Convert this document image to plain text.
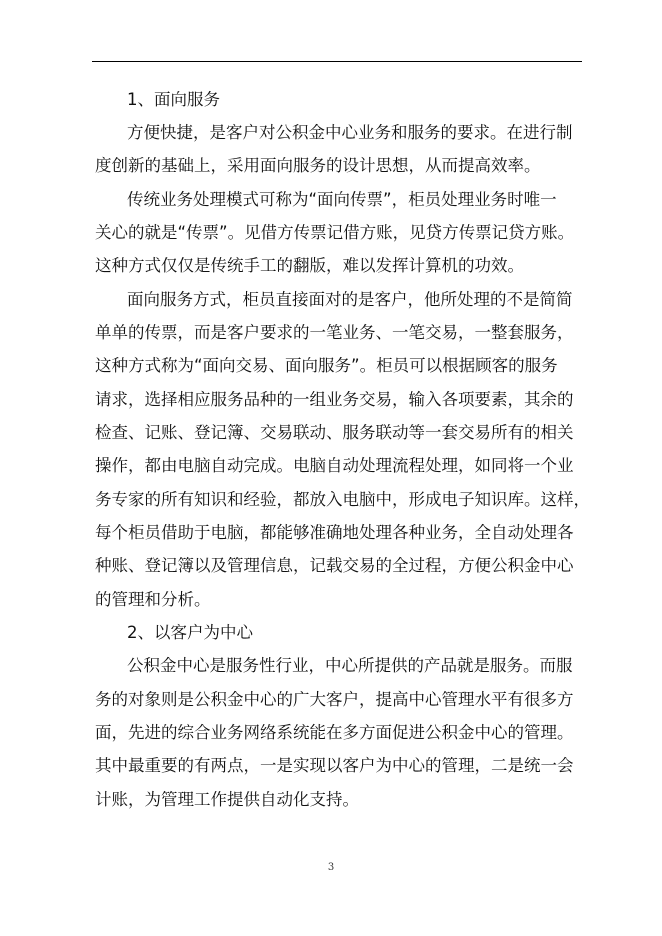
1、面向服务
方便快捷，是客户对公积金中心业务和服务的要求。在进行制
度创新的基础上，采用面向服务的设计思想，从而提高效率。
传统业务处理模式可称为“面向传票”，柜员处理业务时唯一
关心的就是“传票”。见借方传票记借方账，见贷方传票记贷方账。
这种方式仅仅是传统手工的翻版，难以发挥计算机的功效。
面向服务方式，柜员直接面对的是客户，他所处理的不是简简
单单的传票，而是客户要求的一笔业务、一笔交易，一整套服务，
这种方式称为“面向交易、面向服务”。柜员可以根据顾客的服务
请求，选择相应服务品种的一组业务交易，输入各项要素，其余的
检查、记账、登记簿、交易联动、服务联动等一套交易所有的相关
操作，都由电脑自动完成。电脑自动处理流程处理，如同将一个业
务专家的所有知识和经验，都放入电脑中，形成电子知识库。这样，
每个柜员借助于电脑，都能够准确地处理各种业务，全自动处理各
种账、登记簿以及管理信息，记载交易的全过程，方便公积金中心
的管理和分析。
2、以客户为中心
公积金中心是服务性行业，中心所提供的产品就是服务。而服
务的对象则是公积金中心的广大客户，提高中心管理水平有很多方
面，先进的综合业务网络系统能在多方面促进公积金中心的管理。
其中最重要的有两点，一是实现以客户为中心的管理，二是统一会
计账，为管理工作提供自动化支持。
3
